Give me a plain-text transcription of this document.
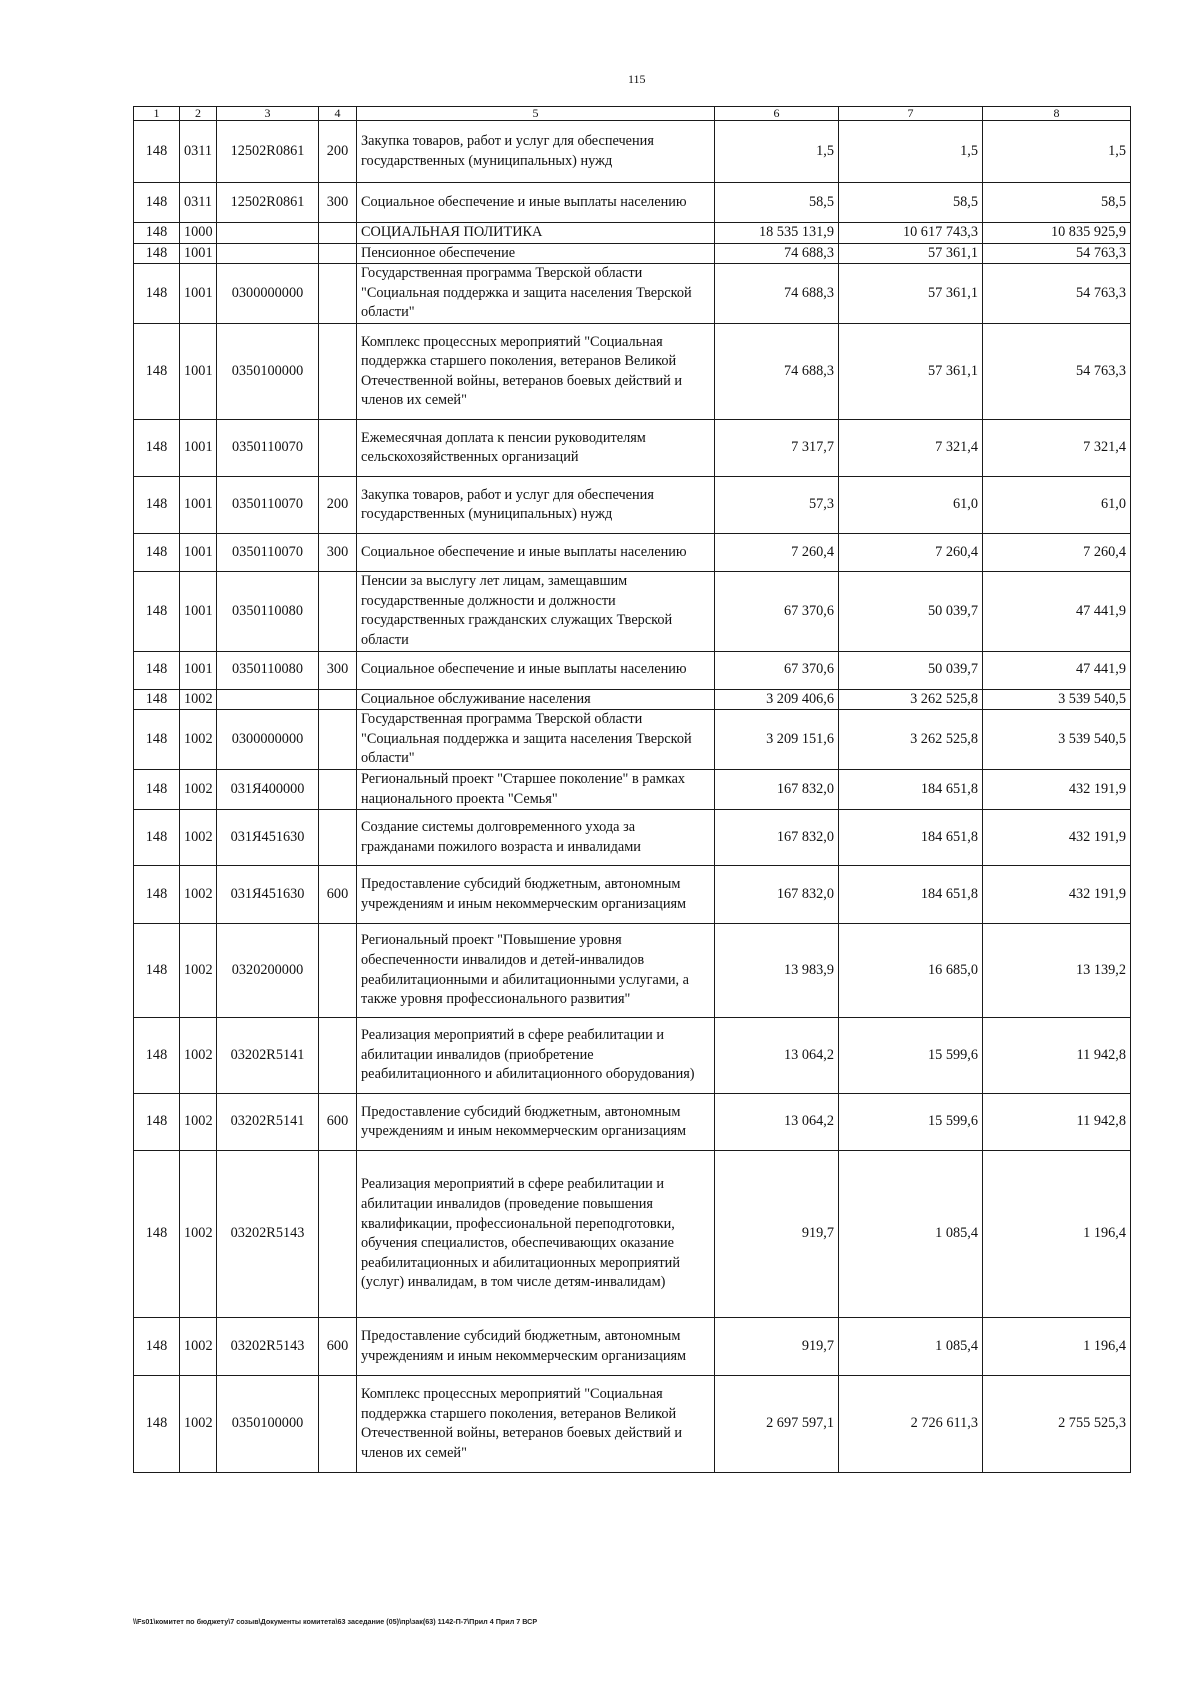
115
1	2	3	4	5	6	7	8
148	0311	12502R0861	200	Закупка товаров, работ и услуг для обеспечения государственных (муниципальных) нужд	1,5	1,5	1,5
148	0311	12502R0861	300	Социальное обеспечение и иные выплаты населению	58,5	58,5	58,5
148	1000			СОЦИАЛЬНАЯ ПОЛИТИКА	18 535 131,9	10 617 743,3	10 835 925,9
148	1001			Пенсионное обеспечение	74 688,3	57 361,1	54 763,3
148	1001	0300000000		Государственная программа Тверской области "Социальная поддержка и защита населения Тверской области"	74 688,3	57 361,1	54 763,3
148	1001	0350100000		Комплекс процессных мероприятий "Социальная поддержка старшего поколения, ветеранов Великой Отечественной войны, ветеранов боевых действий и членов их семей"	74 688,3	57 361,1	54 763,3
148	1001	0350110070		Ежемесячная доплата к пенсии руководителям сельскохозяйственных организаций	7 317,7	7 321,4	7 321,4
148	1001	0350110070	200	Закупка товаров, работ и услуг для обеспечения государственных (муниципальных) нужд	57,3	61,0	61,0
148	1001	0350110070	300	Социальное обеспечение и иные выплаты населению	7 260,4	7 260,4	7 260,4
148	1001	0350110080		Пенсии за выслугу лет лицам, замещавшим государственные должности и должности государственных гражданских служащих Тверской области	67 370,6	50 039,7	47 441,9
148	1001	0350110080	300	Социальное обеспечение и иные выплаты населению	67 370,6	50 039,7	47 441,9
148	1002			Социальное обслуживание населения	3 209 406,6	3 262 525,8	3 539 540,5
148	1002	0300000000		Государственная программа Тверской области "Социальная поддержка и защита населения Тверской области"	3 209 151,6	3 262 525,8	3 539 540,5
148	1002	031Я400000		Региональный проект "Старшее поколение" в рамках национального проекта "Семья"	167 832,0	184 651,8	432 191,9
148	1002	031Я451630		Создание системы долговременного ухода за гражданами пожилого возраста и инвалидами	167 832,0	184 651,8	432 191,9
148	1002	031Я451630	600	Предоставление субсидий бюджетным, автономным учреждениям и иным некоммерческим организациям	167 832,0	184 651,8	432 191,9
148	1002	0320200000		Региональный проект "Повышение уровня обеспеченности инвалидов и детей-инвалидов реабилитационными и абилитационными услугами, а также уровня профессионального развития"	13 983,9	16 685,0	13 139,2
148	1002	03202R5141		Реализация мероприятий в сфере реабилитации и абилитации инвалидов (приобретение реабилитационного и абилитационного оборудования)	13 064,2	15 599,6	11 942,8
148	1002	03202R5141	600	Предоставление субсидий бюджетным, автономным учреждениям и иным некоммерческим организациям	13 064,2	15 599,6	11 942,8
148	1002	03202R5143		Реализация мероприятий в сфере реабилитации и абилитации инвалидов (проведение повышения квалификации, профессиональной переподготовки, обучения специалистов, обеспечивающих оказание реабилитационных и абилитационных мероприятий (услуг) инвалидам, в том числе детям-инвалидам)	919,7	1 085,4	1 196,4
148	1002	03202R5143	600	Предоставление субсидий бюджетным, автономным учреждениям и иным некоммерческим организациям	919,7	1 085,4	1 196,4
148	1002	0350100000		Комплекс процессных мероприятий "Социальная поддержка старшего поколения, ветеранов Великой Отечественной войны, ветеранов боевых действий и членов их семей"	2 697 597,1	2 726 611,3	2 755 525,3
\\Fs01\комитет по бюджету\7 созыв\Документы комитета\63 заседание (05)\пр\зак(63) 1142-П-7\Прил 4 Прил 7 ВСР
